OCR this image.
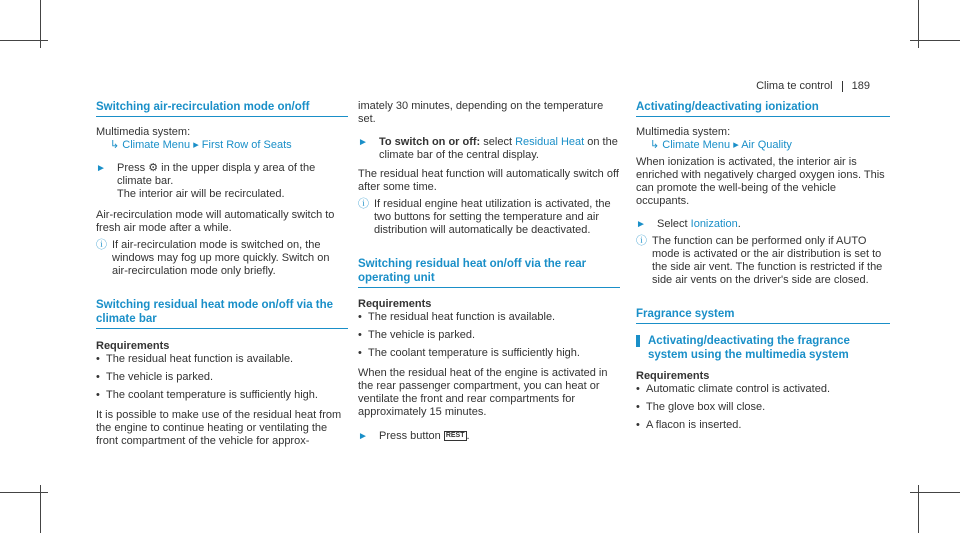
Clima te control 189
Switching air-recirculation mode on/off

Multimedia system:

↳ Climate Menu ▸ First Row of Seats
► Press ⚙ in the upper displa y area of the climate bar.
The interior air will be recirculated.

Air-recirculation mode will automatically switch to fresh air mode after a while.

ⓘ If air-recirculation mode is switched on, the windows may fog up more quickly. Switch on air-recirculation mode only briefly.
Switching residual heat mode on/off via the climate bar
Requirements
• The residual heat function is available.
• The vehicle is parked.
• The coolant temperature is sufficiently high.

It is possible to make use of the residual heat from the engine to continue heating or ventilating the front compartment of the vehicle for approx-

imately 30 minutes, depending on the temperature set.

► To switch on or off: select Residual Heat on the climate bar of the central display.

The residual heat function will automatically switch off after some time.

ⓘ If residual engine heat utilization is activated, the two buttons for setting the temperature and air distribution will automatically be deactivated.
Switching residual heat on/off via the rear operating unit
Requirements
• The residual heat function is available.
• The vehicle is parked.
• The coolant temperature is sufficiently high.

When the residual heat of the engine is activated in the rear passenger compartment, you can heat or ventilate the front and rear compartments for approximately 15 minutes.

► Press button REST .
Activating/deactivating ionization

Multimedia system:

↳ Climate Menu ▸ Air Quality

When ionization is activated, the interior air is enriched with negatively charged oxygen ions. This can promote the well-being of the vehicle occupants.

► Select Ionization.
ⓘ The function can be performed only if AUTO mode is activated or the air distribution is set to the side air vent. The function is restricted if the side air vents on the driver's side are closed.
Fragrance system
Activating/deactivating the fragrance system using the multimedia system
Requirements
• Automatic climate control is activated.
• The glove box will close.
• A flacon is inserted.
